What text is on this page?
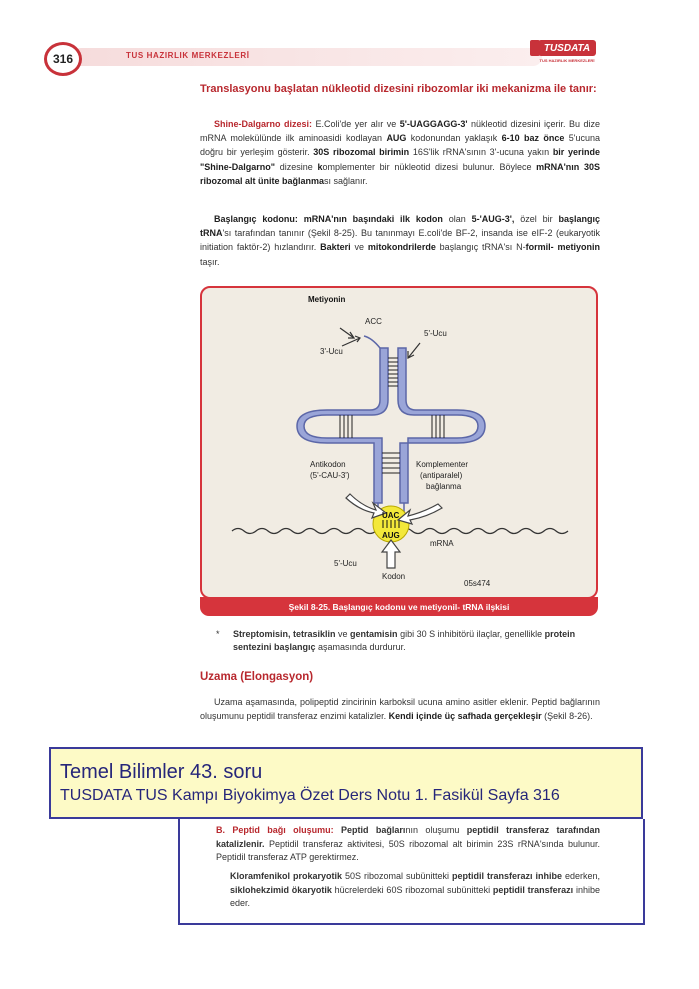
316	TUS HAZIRLIK MERKEZLERİ
TUSDATA
TUS HAZIRLIK MERKEZLERİ
Translasyonu başlatan nükleotid dizesini ribozomlar iki mekanizma ile tanır:

Shine-Dalgarno dizesi: E.Coli'de yer alır ve 5'-UAGGAGG-3' nükleotid dizesini içerir. Bu dize mRNA molekülünde ilk aminoasidi kodlayan AUG kodonundan yaklaşık 6-10 baz önce 5'ucuna doğru bir yerleşim gösterir. 30S ribozomal birimin 16S'lik rRNA'sının 3'-ucuna yakın bir yerinde "Shine-Dalgarno" dizesine komplementer bir nükleotid dizesi bulunur. Böylece mRNA'nın 30S ribozomal alt ünite bağlanması sağlanır.

Başlangıç kodonu: mRNA'nın başındaki ilk kodon olan 5-'AUG-3', özel bir başlangıç tRNA'sı tarafından tanınır (Şekil 8-25). Bu tanınmayı E.coli'de BF-2, insanda ise eIF-2 (eukaryotik initiation faktör-2) hızlandırır. Bakteri ve mitokondrilerde başlangıç tRNA'sı N-formil- metiyonin taşır.

Metiyonin
ACC
5'-Ucu
3'-Ucu
Antikodon
(5'-CAU-3')
Komplementer
(antiparalel)
bağlanma
UAC
AUG
mRNA
5'-Ucu
Kodon
05s474
Şekil 8-25. Başlangıç kodonu ve metiyonil- tRNA ilşkisi
* Streptomisin, tetrasiklin ve gentamisin gibi 30 S inhibitörü ilaçlar, genellikle protein sentezini başlangıç aşamasında durdurur.
Uzama (Elongasyon)

Uzama aşamasında, polipeptid zincirinin karboksil ucuna amino asitler eklenir. Peptid bağlarının oluşumunu peptidil transferaz enzimi katalizler. Kendi içinde üç safhada gerçekleşir (Şekil 8-26).

Temel Bilimler 43. soru
TUSDATA TUS Kampı Biyokimya Özet Ders Notu 1. Fasikül Sayfa 316

B. Peptid bağı oluşumu: Peptid bağlarının oluşumu peptidil transferaz tarafından katalizlenir. Peptidil transferaz aktivitesi, 50S ribozomal alt birimin 23S rRNA'sında bulunur. Peptidil transferaz ATP gerektirmez.

Kloramfenikol prokaryotik 50S ribozomal subünitteki peptidil transferazı inhibe ederken, siklohekzimid ökaryotik hücrelerdeki 60S ribozomal subünitteki peptidil transferazı inhibe eder.
